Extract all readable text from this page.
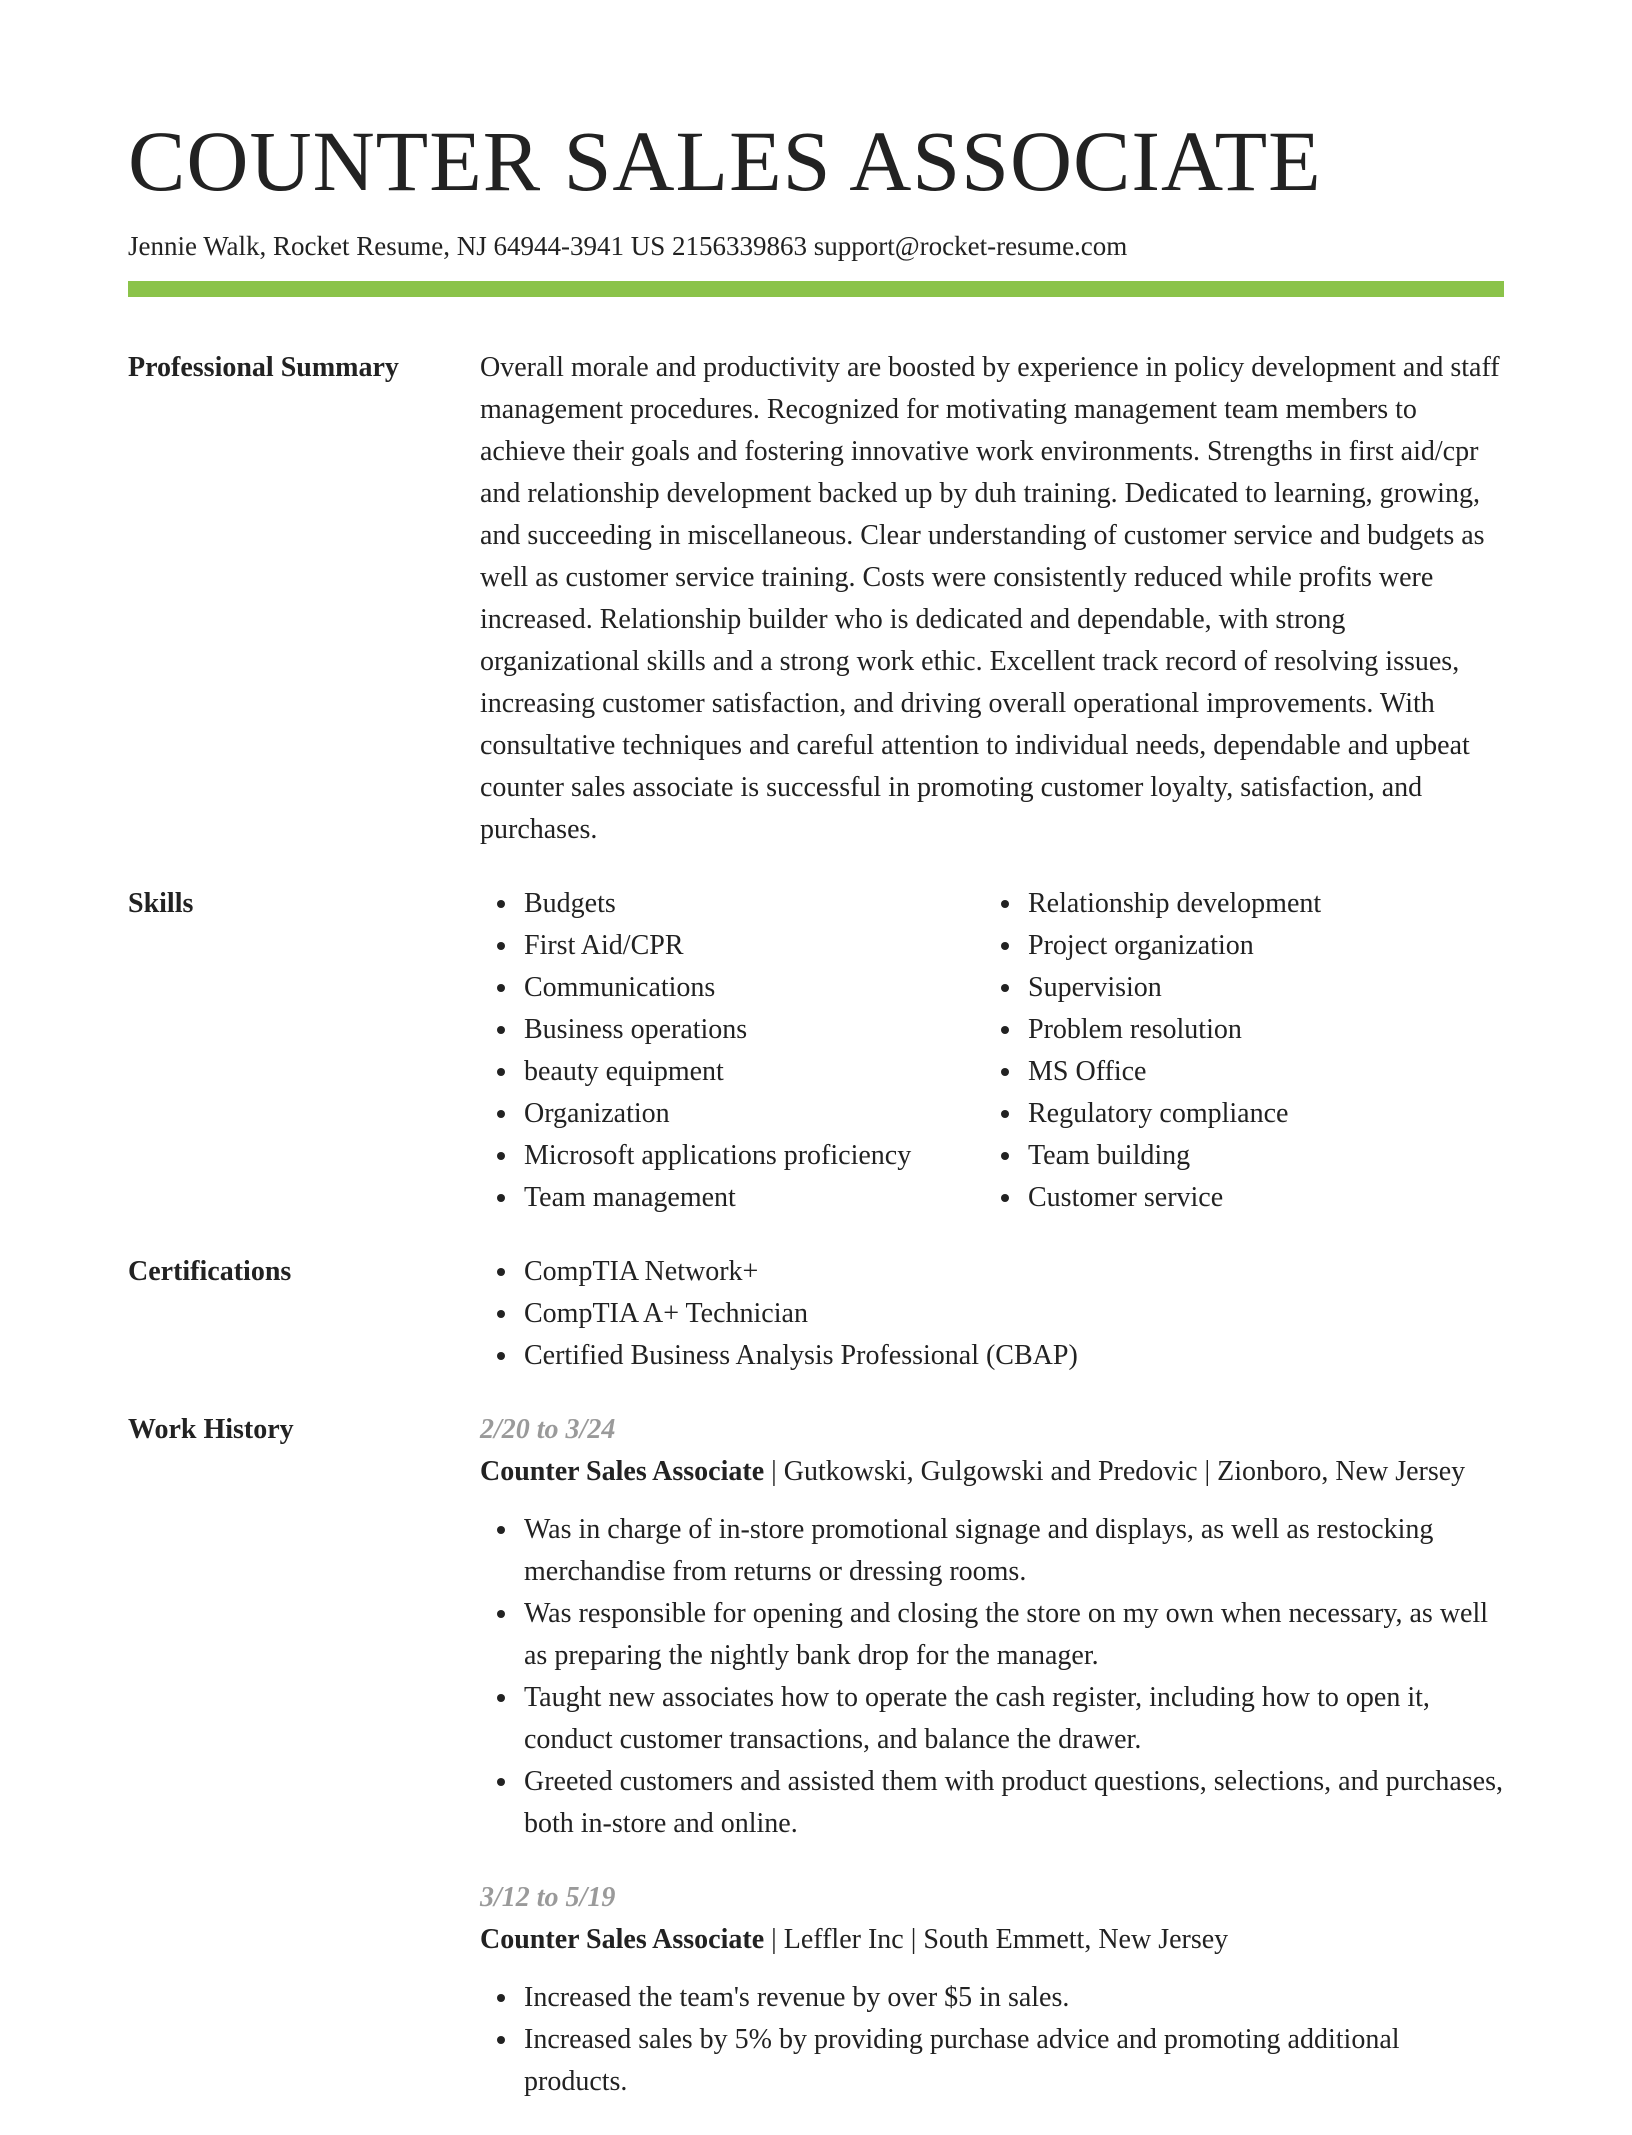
COUNTER SALES ASSOCIATE
Jennie Walk, Rocket Resume, NJ 64944-3941 US 2156339863 support@rocket-resume.com
Professional Summary	Overall morale and productivity are boosted by experience in policy development and staff management procedures. Recognized for motivating management team members to achieve their goals and fostering innovative work environments. Strengths in first aid/cpr and relationship development backed up by duh training. Dedicated to learning, growing, and succeeding in miscellaneous. Clear understanding of customer service and budgets as well as customer service training. Costs were consistently reduced while profits were increased. Relationship builder who is dedicated and dependable, with strong organizational skills and a strong work ethic. Excellent track record of resolving issues, increasing customer satisfaction, and driving overall operational improvements. With consultative techniques and careful attention to individual needs, dependable and upbeat counter sales associate is successful in promoting customer loyalty, satisfaction, and purchases.
Skills	Budgets
First Aid/CPR
Communications
Business operations
beauty equipment
Organization
Microsoft applications proficiency
Team management
Relationship development
Project organization
Supervision
Problem resolution
MS Office
Regulatory compliance
Team building
Customer service
Certifications	CompTIA Network+
CompTIA A+ Technician
Certified Business Analysis Professional (CBAP)
Work History	2/20 to 3/24
Counter Sales Associate | Gutkowski, Gulgowski and Predovic | Zionboro, New Jersey
Was in charge of in-store promotional signage and displays, as well as restocking merchandise from returns or dressing rooms.
Was responsible for opening and closing the store on my own when necessary, as well as preparing the nightly bank drop for the manager.
Taught new associates how to operate the cash register, including how to open it, conduct customer transactions, and balance the drawer.
Greeted customers and assisted them with product questions, selections, and purchases, both in-store and online.
3/12 to 5/19
Counter Sales Associate | Leffler Inc | South Emmett, New Jersey
Increased the team's revenue by over $5 in sales.
Increased sales by 5% by providing purchase advice and promoting additional products.
